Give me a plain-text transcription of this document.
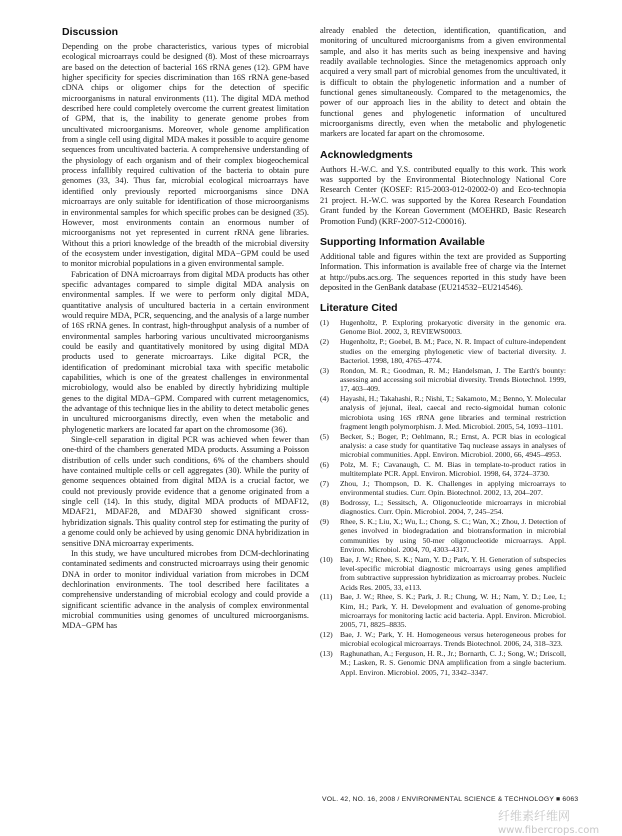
Discussion

Depending on the probe characteristics, various types of microbial ecological microarrays could be designed (8). Most of these microarrays are based on the detection of bacterial 16S rRNA genes (12). GPM have higher specificity for species discrimination than 16S rRNA gene-based cDNA chips or oligomer chips for the detection of specific microorganisms in natural environments (11). The digital MDA method described here could completely overcome the current greatest limitation of GPM, that is, the inability to generate genome probes from uncultivated microorganisms. Moreover, whole genome amplification from a single cell using digital MDA makes it possible to acquire genome sequences from uncultivated bacteria. A comprehensive understanding of the physiology of each organism and of their complex biogeochemical process infallibly required cultivation of the bacteria to obtain pure genomes (33, 34). Thus far, microbial ecological microarrays have identified only previously reported microorganisms since DNA microarrays are only suitable for identification of those microorganisms in environmental samples for which specific probes can be designed (35). However, most environments contain an enormous number of microorganisms not yet represented in current rRNA gene libraries. Without this a priori knowledge of the breadth of the microbial diversity of the ecosystem under investigation, digital MDA−GPM could be used to monitor microbial populations in a given environmental sample.

Fabrication of DNA microarrays from digital MDA products has other specific advantages compared to simple digital MDA analysis on environmental samples. If we were to perform only digital MDA, quantitative analysis of uncultured bacteria in a certain environment would require MDA, PCR, sequencing, and the analysis of a large number of 16S rRNA genes. In contrast, high-throughput analysis of a number of environmental samples harboring various uncultivated microorganisms could be easily and quantitatively monitored by using digital MDA products used to generate microarrays. Like digital PCR, the identification of predominant microbial taxa with specific metabolic capabilities, which is one of the greatest challenges in environmental microbiology, would also be enabled by directly hybridizing multiple genes to the digital MDA−GPM. Compared with current metagenomics, the advantage of this technique lies in the ability to detect metabolic genes in uncultured microorganisms directly, even when the metabolic and phylogenetic markers are located far apart on the chromosome (36).

Single-cell separation in digital PCR was achieved when fewer than one-third of the chambers generated MDA products. Assuming a Poisson distribution of cells under such conditions, 6% of the chambers should have contained multiple cells or cell aggregates (30). While the purity of genome sequences obtained from digital MDA is a crucial factor, we could not previously provide evidence that a genome originated from a single cell (14). In this study, digital MDA products of MDAF12, MDAF21, MDAF28, and MDAF30 showed significant cross-hybridization signals. This quality control step for estimating the purity of a genome could only be achieved by using genomic DNA hybridization in sensitive DNA microarray experiments.

In this study, we have uncultured microbes from DCM-dechlorinating contaminated sediments and constructed microarrays using their genomic DNA in order to monitor individual variation from microbes in DCM dechlorination environments. The tool described here facilitates a comprehensive understanding of microbial ecology and could provide a significant scientific advance in the analysis of complex environmental microbial communities using genomes of uncultured microorganisms. MDA−GPM has

already enabled the detection, identification, quantification, and monitoring of uncultured microorganisms from a given environmental sample, and also it has merits such as being inexpensive and having readily available technologies. Since the metagenomics approach only acquired a very small part of microbial genomes from the uncultivated, it is difficult to obtain the phylogenetic information and a number of functional genes simultaneously. Compared to the metagenomics, the power of our approach lies in the ability to detect and obtain the functional genes and phylogenetic information of uncultured microorganisms directly, even when the metabolic and phylogenetic markers are located far apart on the chromosome.

Acknowledgments

Authors H.-W.C. and Y.S. contributed equally to this work. This work was supported by the Environmental Biotechnology National Core Research Center (KOSEF: R15-2003-012-02002-0) and Eco-technopia 21 project. H.-W.C. was supported by the Korea Research Foundation Grant funded by the Korean Government (MOEHRD, Basic Research Promotion Fund) (KRF-2007-512-C00016).

Supporting Information Available

Additional table and figures within the text are provided as Supporting Information. This information is available free of charge via the Internet at http://pubs.acs.org. The sequences reported in this study have been deposited in the GenBank database (EU214532−EU214546).

Literature Cited
(1) Hugenholtz, P. Exploring prokaryotic diversity in the genomic era. Genome Biol. 2002, 3, REVIEWS0003.
(2) Hugenholtz, P.; Goebel, B. M.; Pace, N. R. Impact of culture-independent studies on the emerging phylogenetic view of bacterial diversity. J. Bacteriol. 1998, 180, 4765–4774.
(3) Rondon, M. R.; Goodman, R. M.; Handelsman, J. The Earth's bounty: assessing and accessing soil microbial diversity. Trends Biotechnol. 1999, 17, 403–409.
(4) Hayashi, H.; Takahashi, R.; Nishi, T.; Sakamoto, M.; Benno, Y. Molecular analysis of jejunal, ileal, caecal and recto-sigmoidal human colonic microbiota using 16S rRNA gene libraries and terminal restriction fragment length polymorphism. J. Med. Microbiol. 2005, 54, 1093–1101.
(5) Becker, S.; Boger, P.; Oehlmann, R.; Ernst, A. PCR bias in ecological analysis: a case study for quantitative Taq nuclease assays in analyses of microbial communities. Appl. Environ. Microbiol. 2000, 66, 4945–4953.
(6) Polz, M. F.; Cavanaugh, C. M. Bias in template-to-product ratios in multitemplate PCR. Appl. Environ. Microbiol. 1998, 64, 3724–3730.
(7) Zhou, J.; Thompson, D. K. Challenges in applying microarrays to environmental studies. Curr. Opin. Biotechnol. 2002, 13, 204–207.
(8) Bodrossy, L.; Sessitsch, A. Oligonucleotide microarrays in microbial diagnostics. Curr. Opin. Microbiol. 2004, 7, 245–254.
(9) Rhee, S. K.; Liu, X.; Wu, L.; Chong, S. C.; Wan, X.; Zhou, J. Detection of genes involved in biodegradation and biotransformation in microbial communities by using 50-mer oligonucleotide microarrays. Appl. Environ. Microbiol. 2004, 70, 4303–4317.
(10) Bae, J. W.; Rhee, S. K.; Nam, Y. D.; Park, Y. H. Generation of subspecies level-specific microbial diagnostic microarrays using genes amplified from subtractive suppression hybridization as microarray probes. Nucleic Acids Res. 2005, 33, e113.
(11) Bae, J. W.; Rhee, S. K.; Park, J. R.; Chung, W. H.; Nam, Y. D.; Lee, I.; Kim, H.; Park, Y. H. Development and evaluation of genome-probing microarrays for monitoring lactic acid bacteria. Appl. Environ. Microbiol. 2005, 71, 8825–8835.
(12) Bae, J. W.; Park, Y. H. Homogeneous versus heterogeneous probes for microbial ecological microarrays. Trends Biotechnol. 2006, 24, 318–323.
(13) Raghunathan, A.; Ferguson, H. R., Jr.; Bornarth, C. J.; Song, W.; Driscoll, M.; Lasken, R. S. Genomic DNA amplification from a single bacterium. Appl. Environ. Microbiol. 2005, 71, 3342–3347.
VOL. 42, NO. 16, 2008 / ENVIRONMENTAL SCIENCE & TECHNOLOGY ■ 6063
纤维素纤维网
www.fibercrops.com
